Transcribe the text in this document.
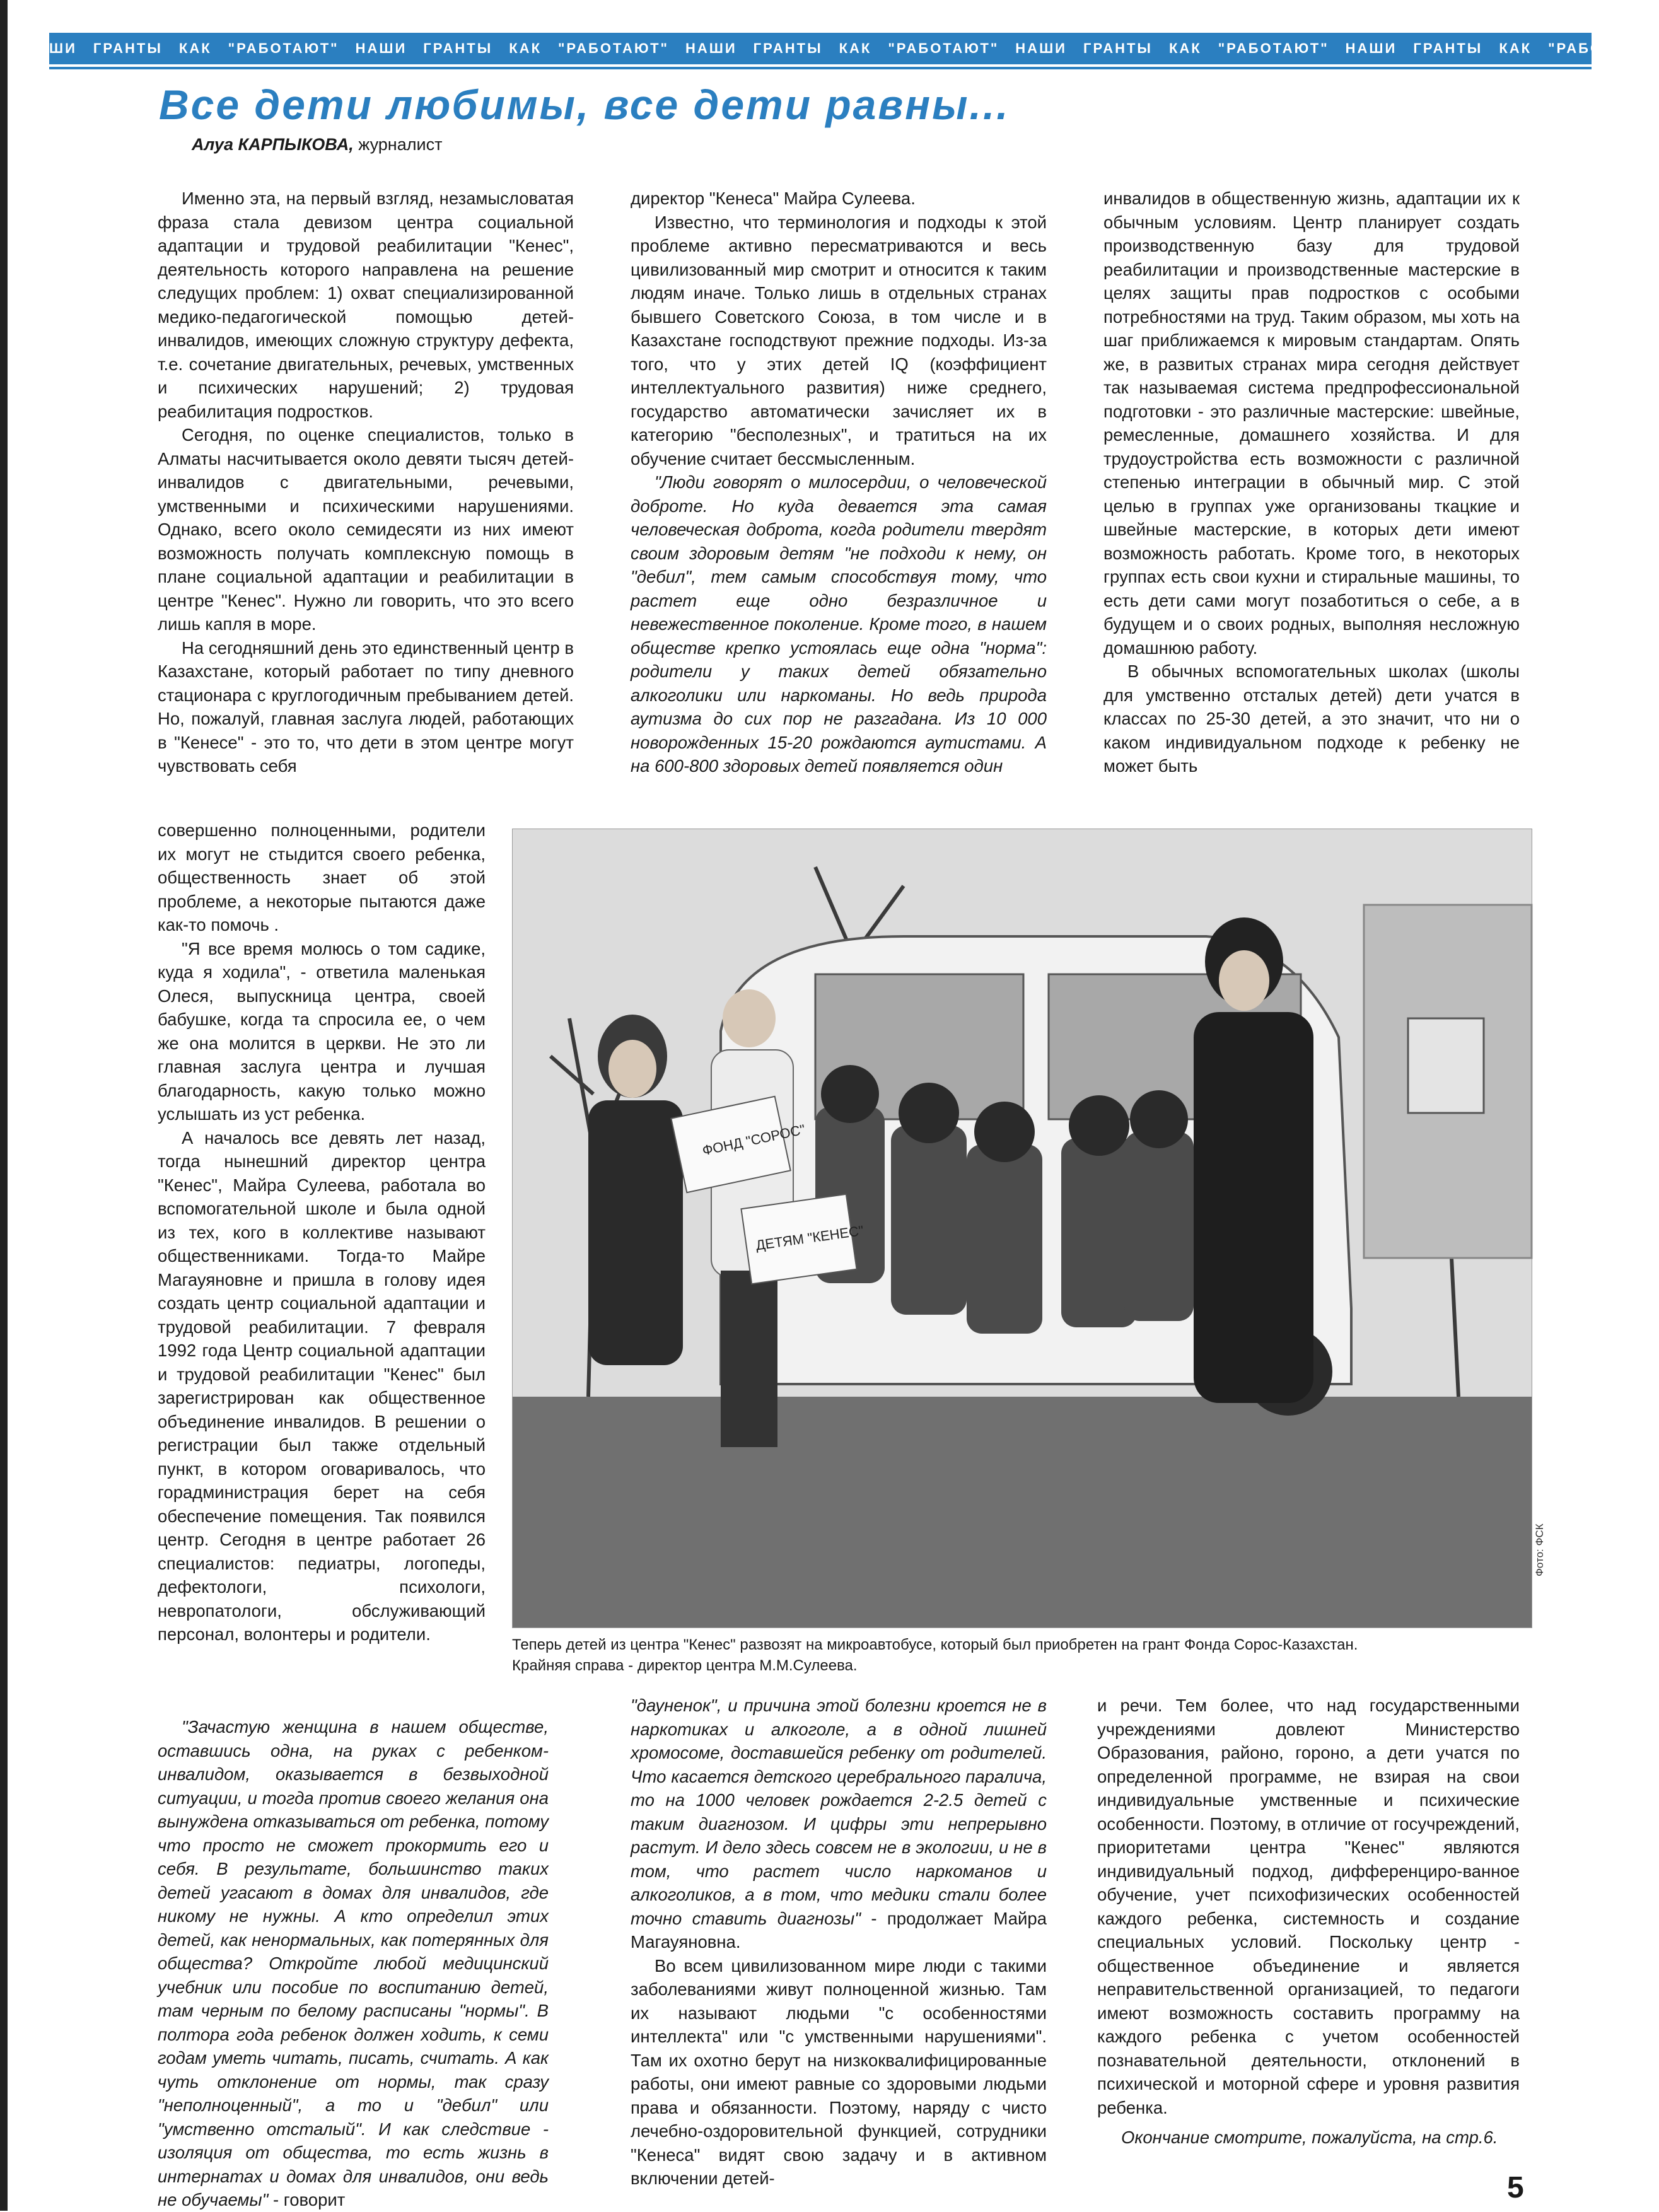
ШИ ГРАНТЫ КАК "РАБОТАЮТ" НАШИ ГРАНТЫ КАК "РАБОТАЮТ" НАШИ ГРАНТЫ КАК "РАБОТАЮТ" НАШИ ГРАНТЫ КАК "РАБОТАЮТ" НАШИ ГРАНТЫ КАК "РАБОТАЮТ"
Все дети любимы, все дети равны...
Алуа КАРПЫКОВА, журналист

Именно эта, на первый взгляд, незамысловатая фраза стала девизом центра социальной адаптации и трудовой реабилитации "Кенес", деятельность которого направлена на решение следущих проблем: 1) охват специализированной медико-педагогической помощью детей-инвалидов, имеющих сложную структуру дефекта, т.е. сочетание двигательных, речевых, умственных и психических нарушений; 2) трудовая реабилитация подростков.

Сегодня, по оценке специалистов, только в Алматы насчитывается около девяти тысяч детей-инвалидов с двигательными, речевыми, умственными и психическими нарушениями. Однако, всего около семидесяти из них имеют возможность получать комплексную помощь в плане социальной адаптации и реабилитации в центре "Кенес". Нужно ли говорить, что это всего лишь капля в море.

На сегодняшний день это единственный центр в Казахстане, который работает по типу дневного стационара с круглогодичным пребыванием детей. Но, пожалуй, главная заслуга людей, работающих в "Кенесе" - это то, что дети в этом центре могут чувствовать себя

совершенно полноценными, родители их могут не стыдится своего ребенка, общественность знает об этой проблеме, а некоторые пытаются даже как-то помочь .

"Я все время молюсь о том садике, куда я ходила", - ответила маленькая Олеся, выпускница центра, своей бабушке, когда та спросила ее, о чем же она молится в церкви. Не это ли главная заслуга центра и лучшая благодарность, какую только можно услышать из уст ребенка.

А началось все девять лет назад, тогда нынешний директор центра "Кенес", Майра Сулеева, работала во вспомогательной школе и была одной из тех, кого в коллективе называют общественниками. Тогда-то Майре Магауяновне и пришла в голову идея создать центр социальной адаптации и трудовой реабилитации. 7 февраля 1992 года Центр социальной адаптации и трудовой реабилитации "Кенес" был зарегистрирован как общественное объединение инвалидов. В решении о регистрации был также отдельный пункт, в котором оговаривалось, что горадминистрация берет на себя обеспечение помещения. Так появился центр. Сегодня в центре работает 26 специалистов: педиатры, логопеды, дефектологи, психологи, невропатологи, обслуживающий персонал, волонтеры и родители.

"Зачастую женщина в нашем обществе, оставшись одна, на руках с ребенком-инвалидом, оказывается в безвыходной ситуации, и тогда против своего желания она вынуждена отказываться от ребенка, потому что просто не сможет прокормить его и себя. В результате, большинство таких детей угасают в домах для инвалидов, где никому не нужны. А кто определил этих детей, как ненормальных, как потерянных для общества? Откройте любой медицинский учебник или пособие по воспитанию детей, там черным по белому расписаны "нормы". В полтора года ребенок должен ходить, к семи годам уметь читать, писать, считать. А как чуть отклонение от нормы, так сразу "неполноценный", а то и "дебил" или "умственно отсталый". И как следствие - изоляция от общества, то есть жизнь в интернатах и домах для инвалидов, они ведь не обучаемы" - говорит

директор "Кенеса" Майра Сулеева.

Известно, что терминология и подходы к этой проблеме активно пересматриваются и весь цивилизованный мир смотрит и относится к таким людям иначе. Только лишь в отдельных странах бывшего Советского Союза, в том числе и в Казахстане господствуют прежние подходы. Из-за того, что у этих детей IQ (коэффициент интеллектуального развития) ниже среднего, государство автоматически зачисляет их в категорию "бесполезных", и тратиться на их обучение считает бессмысленным.

"Люди говорят о милосердии, о человеческой доброте. Но куда девается эта самая человеческая доброта, когда родители твердят своим здоровым детям "не подходи к нему, он "дебил", тем самым способствуя тому, что растет еще одно безразличное и невежественное поколение. Кроме того, в нашем обществе крепко устоялась еще одна "норма": родители у таких детей обязательно алкоголики или наркоманы. Но ведь природа аутизма до сих пор не разгадана. Из 10 000 новорожденных 15-20 рождаются аутистами. А на 600-800 здоровых детей появляется один

"дауненок", и причина этой болезни кроется не в наркотиках и алкоголе, а в одной лишней хромосоме, доставшейся ребенку от родителей. Что касается детского церебрального паралича, то на 1000 человек рождается 2-2.5 детей с таким диагнозом. И цифры эти непрерывно растут. И дело здесь совсем не в экологии, и не в том, что растет число наркоманов и алкоголиков, а в том, что медики стали более точно ставить диагнозы" - продолжает Майра Магауяновна.

Во всем цивилизованном мире люди с такими заболеваниями живут полноценной жизнью. Там их называют людьми "с особенностями интеллекта" или "с умственными нарушениями". Там их охотно берут на низкоквалифицированные работы, они имеют равные со здоровыми людьми права и обязанности. Поэтому, наряду с чисто лечебно-оздоровительной функцией, сотрудники "Кенеса" видят свою задачу и в активном включении детей-

инвалидов в общественную жизнь, адаптации их к обычным условиям. Центр планирует создать производственную базу для трудовой реабилитации и производственные мастерские в целях защиты прав подростков с особыми потребностями на труд. Таким образом, мы хоть на шаг приближаемся к мировым стандартам. Опять же, в развитых странах мира сегодня действует так называемая система предпрофессиональной подготовки - это различные мастерские: швейные, ремесленные, домашнего хозяйства. И для трудоустройства есть возможности с различной степенью интеграции в обычный мир. С этой целью в группах уже организованы ткацкие и швейные мастерские, в которых дети имеют возможность работать. Кроме того, в некоторых группах есть свои кухни и стиральные машины, то есть дети сами могут позаботиться о себе, а в будущем и о своих родных, выполняя несложную домашнюю работу.

В обычных вспомогательных школах (школы для умственно отсталых детей) дети учатся в классах по 25-30 детей, а это значит, что ни о каком индивидуальном подходе к ребенку не может быть

и речи. Тем более, что над государственными учреждениями довлеют Министерство Образования, районо, гороно, а дети учатся по определенной программе, не взирая на свои индивидуальные умственные и психические особенности. Поэтому, в отличие от госучреждений, приоритетами центра "Кенес" являются индивидуальный подход, дифференциро-ванное обучение, учет психофизических особенностей каждого ребенка, системность и создание специальных условий. Поскольку центр - общественное объединение и является неправительственной организацией, то педагоги имеют возможность составить программу на каждого ребенка с учетом особенностей познавательной деятельности, отклонений в психической и моторной сфере и уровня развития ребенка.

Окончание смотрите, пожалуйста, на стр.6.

ФОНД "СОРОС"
ДЕТЯМ "КЕНЕС"
Теперь детей из центра "Кенес" развозят на микроавтобусе, который был приобретен на грант Фонда Сорос-Казахстан.
Крайняя справа - директор центра М.М.Сулеева.
Фото: ФСК
5
